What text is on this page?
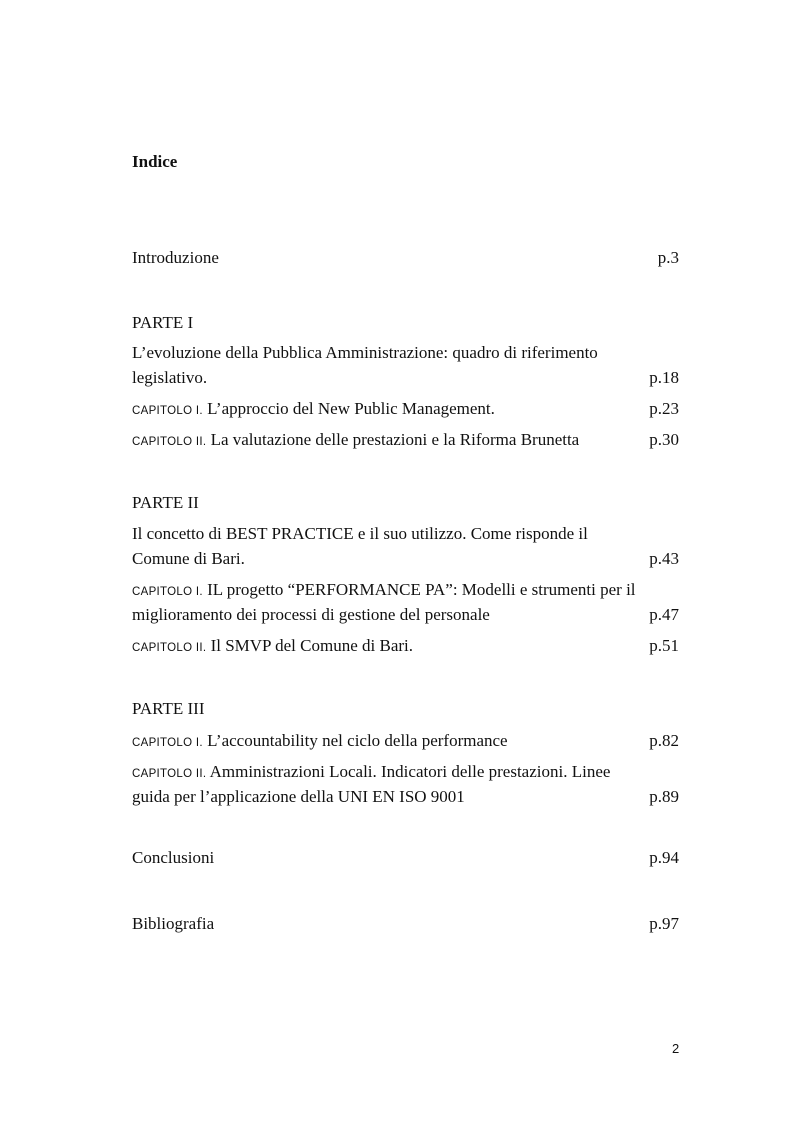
Indice
Introduzione	p.3
PARTE I
L’evoluzione della Pubblica Amministrazione: quadro di riferimento
legislativo.	p.18
CAPITOLO I. L’approccio del New Public Management.	p.23
CAPITOLO II. La valutazione delle prestazioni e la Riforma Brunetta	p.30
PARTE II
Il concetto di BEST PRACTICE e il suo utilizzo. Come risponde il
Comune di Bari.	p.43
CAPITOLO I. IL progetto “PERFORMANCE PA”: Modelli e strumenti per il
miglioramento dei processi di gestione del personale	p.47
CAPITOLO II. Il SMVP del Comune di Bari.	p.51
PARTE III
CAPITOLO I. L’accountability nel ciclo della performance	p.82
CAPITOLO II. Amministrazioni Locali. Indicatori delle prestazioni. Linee
guida per l’applicazione della UNI EN ISO 9001	p.89
Conclusioni	p.94
Bibliografia	p.97
2
